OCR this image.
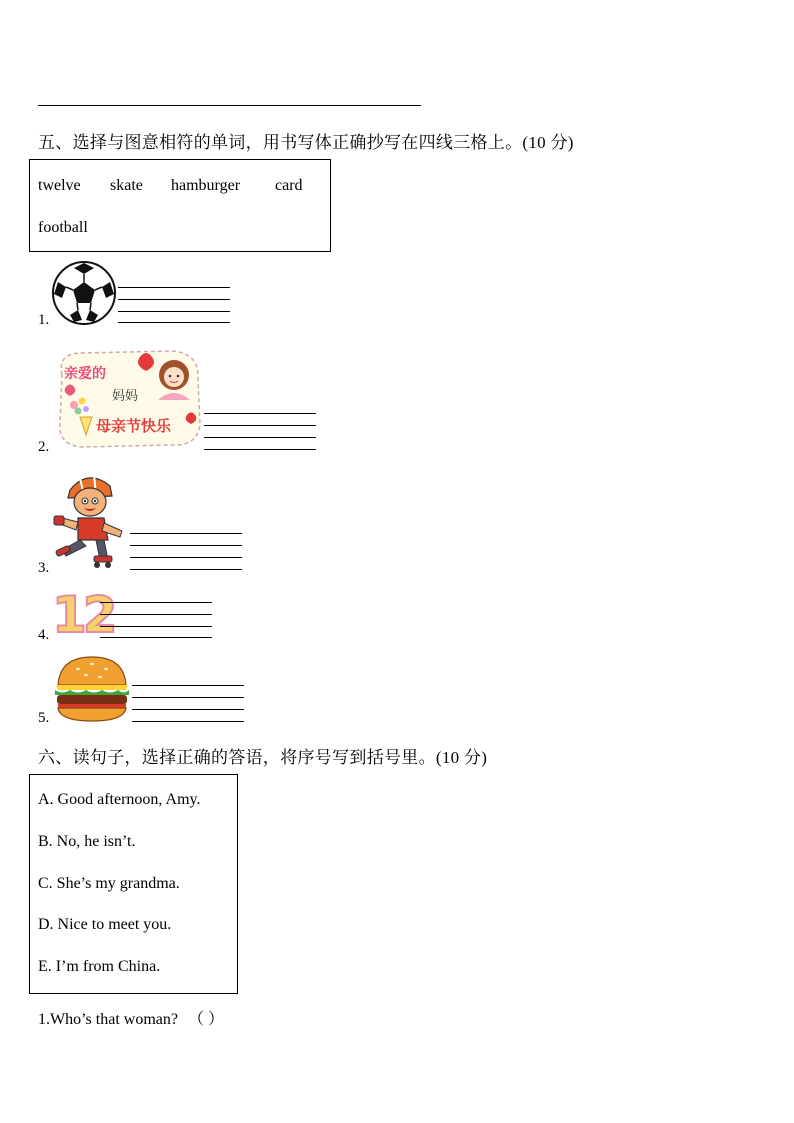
五、选择与图意相符的单词，用书写体正确抄写在四线三格上。(10 分)
twelve skate hamburger card
football
1.
2.
亲爱的
妈妈
母亲节快乐
3.
4. 12
5.
六、读句子，选择正确的答语，将序号写到括号里。(10 分)
A. Good afternoon, Amy.
B. No, he isn’t.
C. She’s my grandma.
D. Nice to meet you.
E. I’m from China.
1.Who’s that woman? （ ）
